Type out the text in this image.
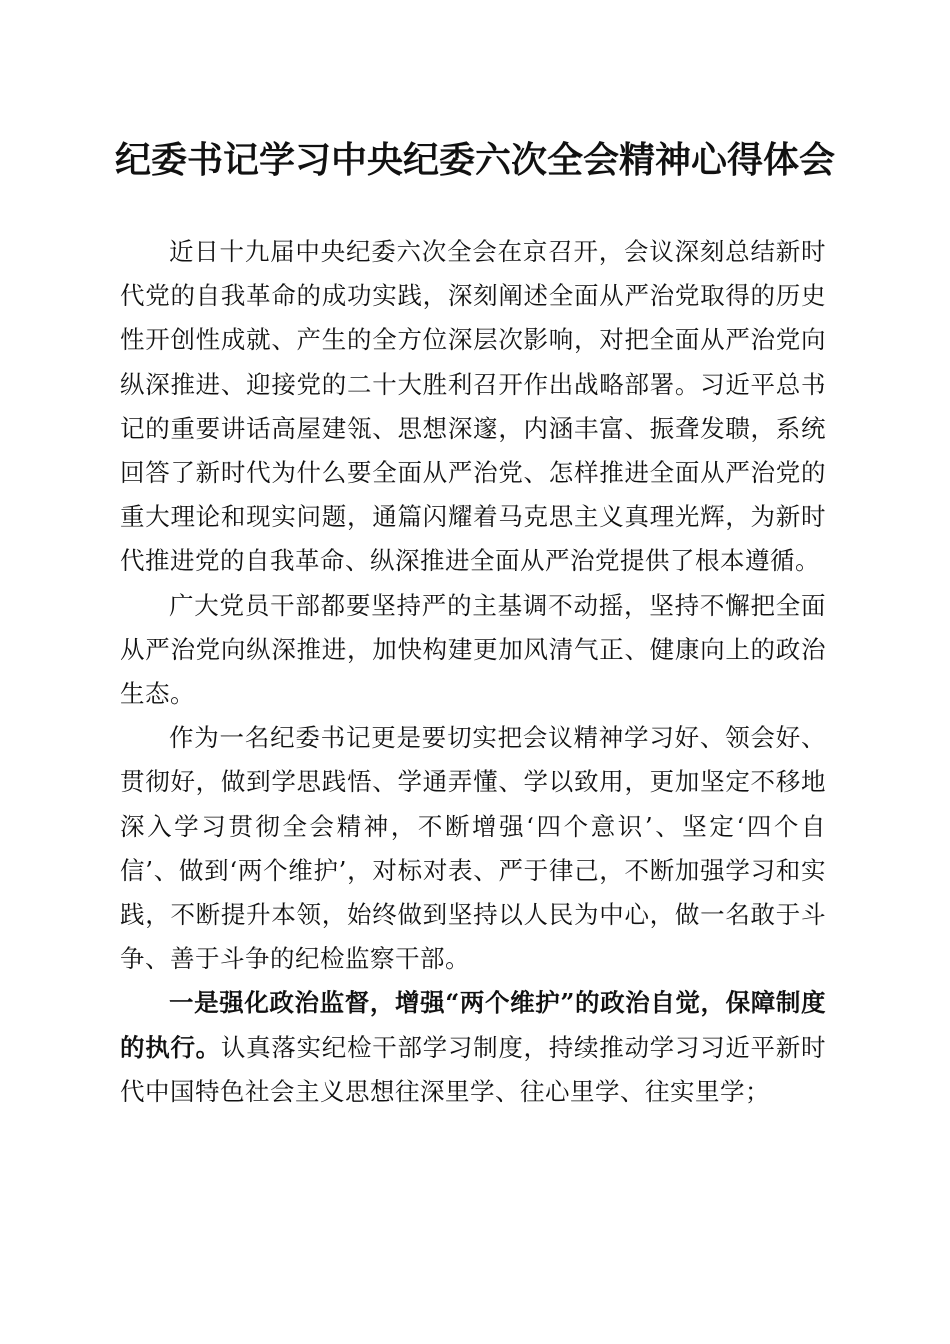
纪委书记学习中央纪委六次全会精神心得体会

近日十九届中央纪委六次全会在京召开，会议深刻总结新时代党的自我革命的成功实践，深刻阐述全面从严治党取得的历史性开创性成就、产生的全方位深层次影响，对把全面从严治党向纵深推进、迎接党的二十大胜利召开作出战略部署。习近平总书记的重要讲话高屋建瓴、思想深邃，内涵丰富、振聋发聩，系统回答了新时代为什么要全面从严治党、怎样推进全面从严治党的重大理论和现实问题，通篇闪耀着马克思主义真理光辉，为新时代推进党的自我革命、纵深推进全面从严治党提供了根本遵循。

广大党员干部都要坚持严的主基调不动摇，坚持不懈把全面从严治党向纵深推进，加快构建更加风清气正、健康向上的政治生态。

作为一名纪委书记更是要切实把会议精神学习好、领会好、贯彻好，做到学思践悟、学通弄懂、学以致用，更加坚定不移地深入学习贯彻全会精神，不断增强‘四个意识’、坚定‘四个自信’、做到‘两个维护’，对标对表、严于律己，不断加强学习和实践，不断提升本领，始终做到坚持以人民为中心，做一名敢于斗争、善于斗争的纪检监察干部。

一是强化政治监督，增强“两个维护”的政治自觉，保障制度的执行。认真落实纪检干部学习制度，持续推动学习习近平新时代中国特色社会主义思想往深里学、往心里学、往实里学；
